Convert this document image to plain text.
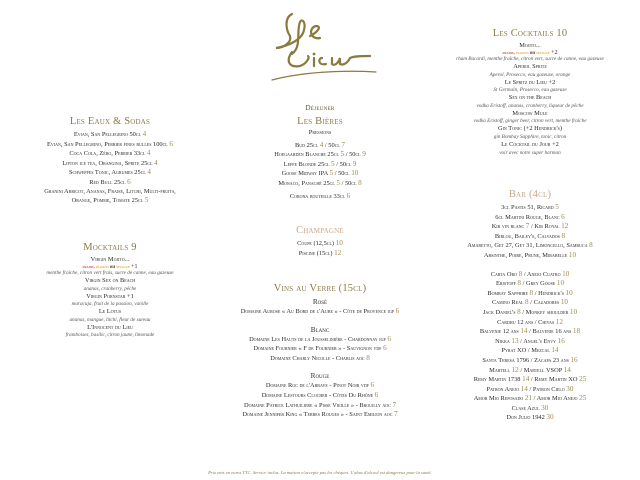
Déjeuner
Les Eaux & Sodas
Evian, San Pellegrino 50cl 4
Evian, San Pellegrino, Perrier fines bulles 100cl 6
Coca Cola, Zéro, Perrier 33cl 4
Lipton ice tea, Orangina, Sprite 25cl 4
Schweppes Tonic, Agrumes 25cl 4
Red Bull 25cl 6
Granini Abricot, Ananas, Fraise, Litchi, Multi-fruits,
Orange, Pomme, Tomate 25cl 5
Mocktails 9
Virgin Mojito...
fraise, passion ou mangue +1
menthe fraîche, citron vert frais, sucre de canne, eau gazeuse
Virgin Sex on Beach
ananas, cranberry, pêche
Virgin Pornstar +1
maracuja, fruit de la passion, vanille
Le Lotus
ananas, mangue, litchi, fleur de sureau
L'Innocent du Lieu
framboises, basilic, citron jaune, limonade
Les Bières
Pressions
Bud 25cl 4 / 50cl 7
Hoegaarden Blanche 25cl 5 / 50cl 9
Leffe Blonde 25cl 5 / 50cl 9
Goose Midway IPA 5 / 50cl 10
Monaco, Panaché 25cl 5 / 50cl 8
Corona bouteille 33cl 6
Champagne
Coupe (12,5cl) 10
Piscine (15cl) 12
Vins au Verre (15cl)
Rosé
Domaine Aurose « Au Bord de l'Aube » - Côte de Provence igp 6
Blanc
Domaine Les Hauts de la Jousselinière - Chardonnay igp 6
Domaine Fournier « F de Fournier » - Sauvignon vdf 6
Domaine Charly Nicolle - Chablis aoc 8
Rouge
Domaine Roc de l'Abbaye - Pinot Noir vdf 6
Domaine Lestours Clocher - Côtes Du Rhône 6
Domaine Patrice Lathuiliere « Pisse Vieille » - Brouilly aoc 7
Domaine Jennifer King « Terres Rouges » - Saint Emilion aoc 7
Les Cocktails 10
Mojito...
fraise, passion ou mangue +2
rhum Bacardi, menthe fraîche, citron vert, sucre de canne, eau gazeuse
Aperol Spritz
Aperol, Prosecco, eau gazeuse, orange
Le Spritz du Lieu +2
St Germain, Prosecco, eau gazeuse
Sex on the Beach
vodka Eristoff, ananas, cranberry, liqueur de pêche
Moscow Mule
vodka Eristoff, ginger beer, citron vert, menthe fraîche
Gin Tonic (+2 Hendrick's)
gin Bombay Sapphire, tonic, citron
Le Cocktail du Jour +2
voir avec notre super barman
Bar (4cl)
3cl Pastis 51, Ricard 5
6cl Martini Rouge, Blanc 6
Kir vin blanc 7 / Kir Royal 12
Birlou, Bailey's, Calvados 8
Amaretto, Get 27, Get 31, Limoncello, Sambuca 8
Absinthe, Poire, Prune, Mirabelle 10
Carta Oro 8 / Anejo Cuatro 10
Eristoff 8 / Grey Goose 10
Bombay Sapphire 8 / Hendrick's 10
Camino Real 8 / Cazadores 10
Jack Daniel's 8 / Monkey shoulder 10
Cardhu 12 ans / Chivas 12
Balvenie 12 ans 14 / Balvenie 16 ans 18
Nikka 13 / Angel's Envy 16
Pyrat XO / Mezcal 14
Santa Teresa 1796 / Zacapa 23 ans 16
Martell 12 / Martell VSOP 14
Remy Martin 1738 14 / Remy Martin XO 25
Patron Anejo 14 / Patron Cielo 30
Amor Mio Reposado 21 / Amor Mio Anejo 25
Clase Azul 30
Don Julio 1942 30
Prix nets en euros TTC. Service inclus. La maison n'accepte pas les chèques. L'abus d'alcool est dangereux pour la santé.
